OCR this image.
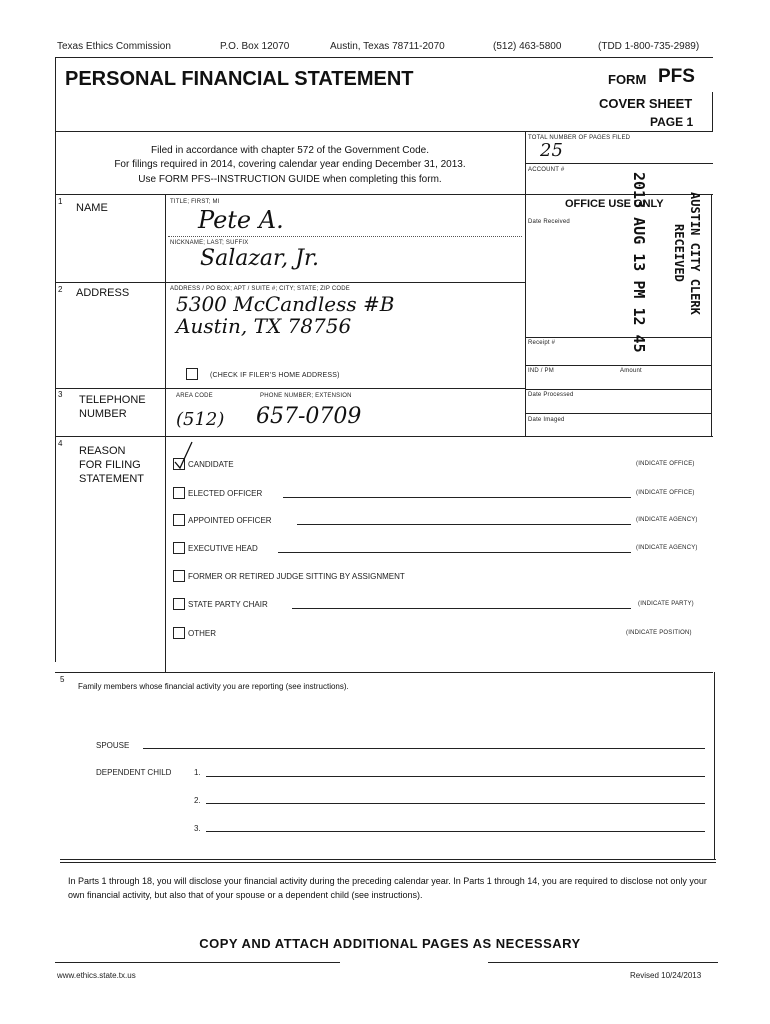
Texas Ethics Commission	P.O. Box 12070	Austin, Texas 78711-2070	(512) 463-5800	(TDD 1-800-735-2989)
PERSONAL FINANCIAL STATEMENT	FORM PFS
COVER SHEET
PAGE 1
Filed in accordance with chapter 572 of the Government Code.
For filings required in 2014, covering calendar year ending December 31, 2013.
Use FORM PFS--INSTRUCTION GUIDE when completing this form.
TOTAL NUMBER OF PAGES FILED
25
ACCOUNT #
OFFICE USE ONLY
Date Received
Receipt #
IND / PM	Amount
Date Processed
Date Imaged
2013 AUG 13 PM 12 45	AUSTIN CITY CLERK
RECEIVED
1
NAME	TITLE; FIRST; MI
Pete A.
NICKNAME; LAST; SUFFIX
Salazar, Jr.
2 ADDRESS	ADDRESS / PO BOX; APT / SUITE #; CITY; STATE; ZIP CODE
5300 McCandless #B
Austin, TX 78756
(CHECK IF FILER'S HOME ADDRESS)
3 TELEPHONE
NUMBER
AREA CODE	PHONE NUMBER; EXTENSION
(512) 657-0709
4
REASON
FOR FILING
STATEMENT
CANDIDATE	(INDICATE OFFICE)
ELECTED OFFICER	(INDICATE OFFICE)
APPOINTED OFFICER	(INDICATE AGENCY)
EXECUTIVE HEAD	(INDICATE AGENCY)
FORMER OR RETIRED JUDGE SITTING BY ASSIGNMENT
STATE PARTY CHAIR	(INDICATE PARTY)
OTHER	(INDICATE POSITION)
5
Family members whose financial activity you are reporting (see instructions).
SPOUSE
DEPENDENT CHILD	1.
2.
3.
In Parts 1 through 18, you will disclose your financial activity during the preceding calendar year. In Parts 1 through 14, you are required to disclose not only your own financial activity, but also that of your spouse or a dependent child (see instructions).
COPY AND ATTACH ADDITIONAL PAGES AS NECESSARY
www.ethics.state.tx.us	Revised 10/24/2013
